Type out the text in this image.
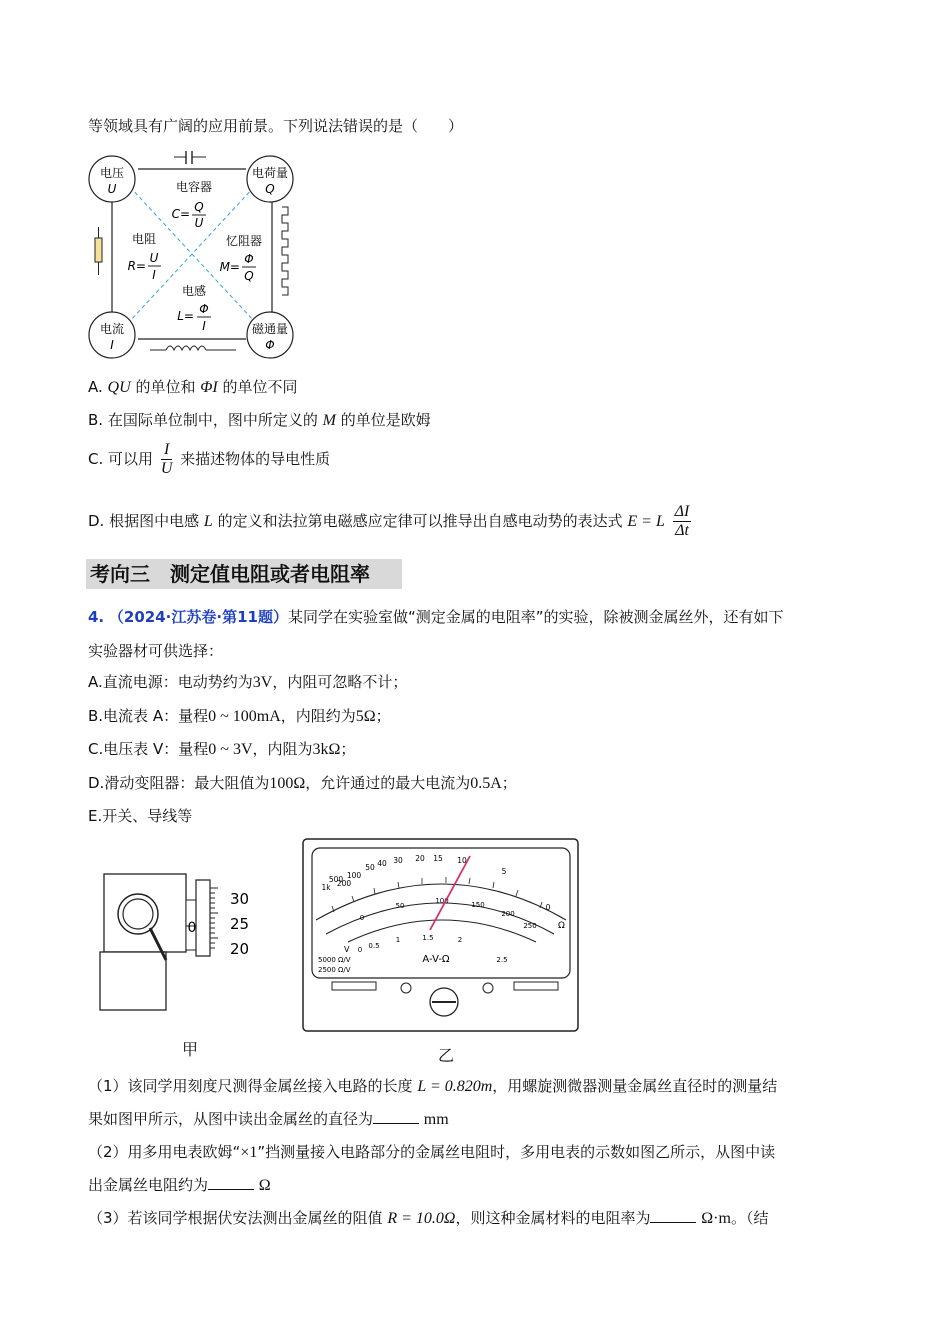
等领域具有广阔的应用前景。下列说法错误的是（　　）
电压
U
电荷量
Q
电流
I
磁通量
Φ
电容器
C= Q
U
电阻
R=
U
I
忆阻器
M=
Φ
Q
电感
L= Φ
I
A. QU 的单位和 ΦI 的单位不同
B. 在国际单位制中，图中所定义的 M 的单位是欧姆
C. 可以用 $\frac{I}{U}$ 来描述物体的导电性质
D. 根据图中电感 L 的定义和法拉第电磁感应定律可以推导出自感电动势的表达式 E = L $\frac{\Delta I}{\Delta t}$
考向三　测定值电阻或者电阻率
4. （2024·江苏卷·第11题）某同学在实验室做“测定金属的电阻率”的实验，除被测金属丝外，还有如下
实验器材可供选择：
A.直流电源：电动势约为3V，内阻可忽略不计；
B.电流表 A：量程0 ~ 100mA，内阻约为5Ω；
C.电压表 V：量程0 ~ 3V，内阻为3kΩ；
D.滑动变阻器：最大阻值为100Ω，允许通过的最大电流为0.5A；
E.开关、导线等
0
30
25
20
甲
1k
500
200
100
50 40 30 20 15 10
5
0
Ω
0
50
100	150
200
250
0 0.5
1	1.5	2
2.5
V
A-V-Ω
5000 Ω/V
2500 Ω/V
乙
（1）该同学用刻度尺测得金属丝接入电路的长度 L = 0.820m，用螺旋测微器测量金属丝直径时的测量结
果如图甲所示，从图中读出金属丝的直径为	mm
（2）用多用电表欧姆“×1”挡测量接入电路部分的金属丝电阻时，多用电表的示数如图乙所示，从图中读
出金属丝电阻约为	Ω
（3）若该同学根据伏安法测出金属丝的阻值 R = 10.0Ω，则这种金属材料的电阻率为	Ω·m。（结
